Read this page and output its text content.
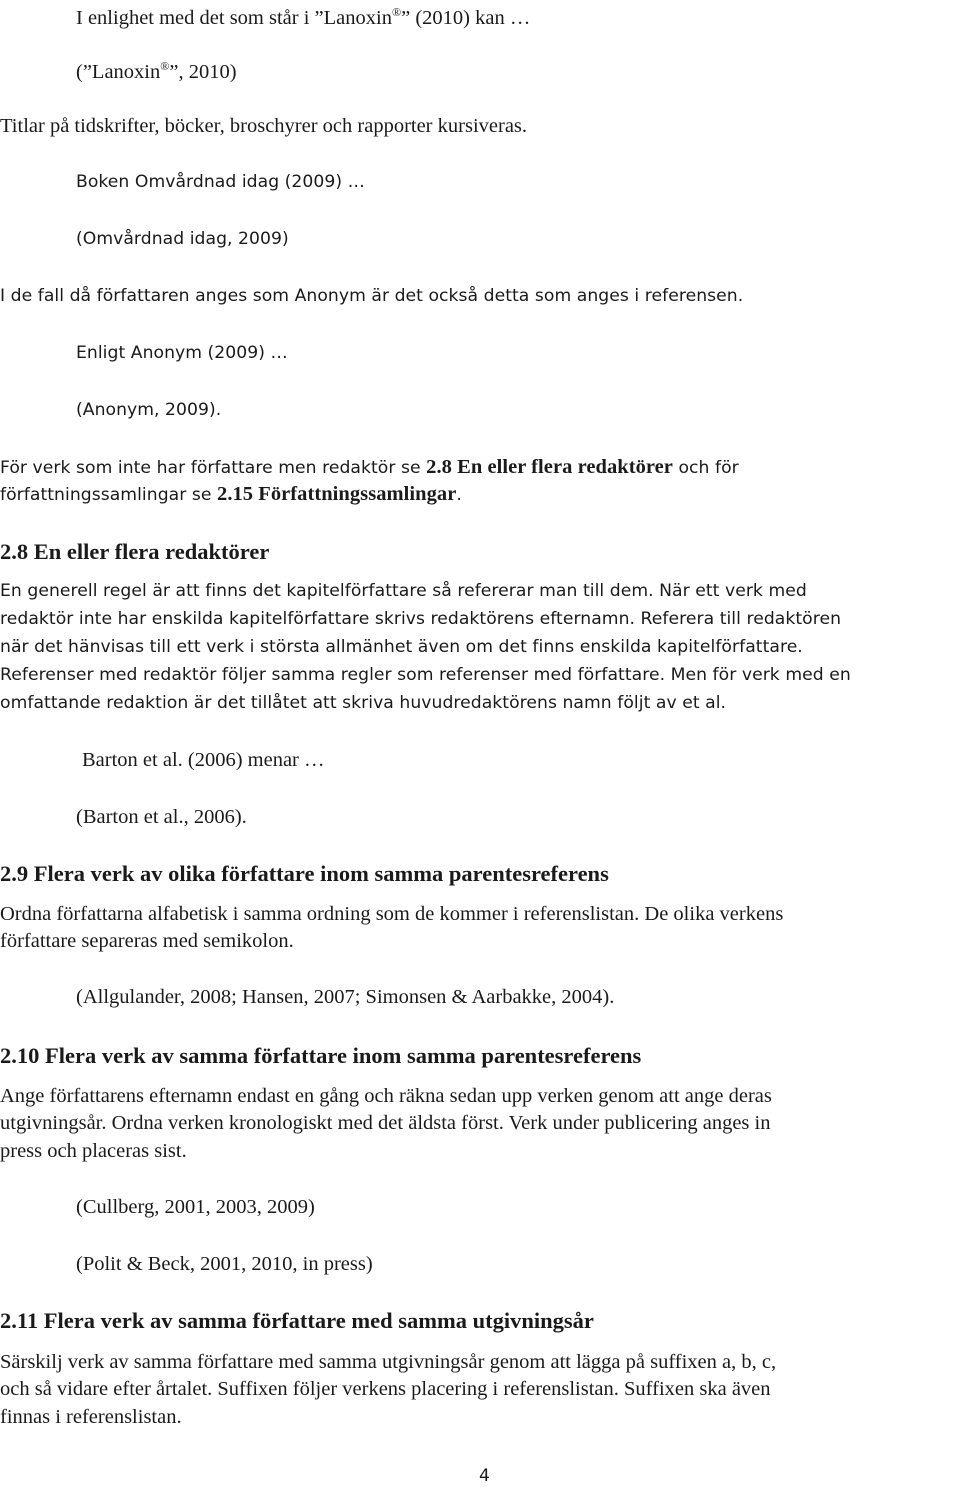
I enlighet med det som står i ”Lanoxin®” (2010) kan …

(”Lanoxin®”, 2010)

Titlar på tidskrifter, böcker, broschyrer och rapporter kursiveras.

Boken Omvårdnad idag (2009) …

(Omvårdnad idag, 2009)

I de fall då författaren anges som Anonym är det också detta som anges i referensen.

Enligt Anonym (2009) …

(Anonym, 2009).

För verk som inte har författare men redaktör se 2.8 En eller flera redaktörer och för

författningssamlingar se 2.15 Författningssamlingar.

2.8 En eller flera redaktörer

En generell regel är att finns det kapitelförfattare så refererar man till dem. När ett verk med

redaktör inte har enskilda kapitelförfattare skrivs redaktörens efternamn. Referera till redaktören

när det hänvisas till ett verk i största allmänhet även om det finns enskilda kapitelförfattare.

Referenser med redaktör följer samma regler som referenser med författare. Men för verk med en

omfattande redaktion är det tillåtet att skriva huvudredaktörens namn följt av et al.

Barton et al. (2006) menar …

(Barton et al., 2006).

2.9 Flera verk av olika författare inom samma parentesreferens

Ordna författarna alfabetisk i samma ordning som de kommer i referenslistan. De olika verkens

författare separeras med semikolon.

(Allgulander, 2008; Hansen, 2007; Simonsen & Aarbakke, 2004).

2.10 Flera verk av samma författare inom samma parentesreferens

Ange författarens efternamn endast en gång och räkna sedan upp verken genom att ange deras

utgivningsår. Ordna verken kronologiskt med det äldsta först. Verk under publicering anges in

press och placeras sist.

(Cullberg, 2001, 2003, 2009)

(Polit & Beck, 2001, 2010, in press)

2.11 Flera verk av samma författare med samma utgivningsår

Särskilj verk av samma författare med samma utgivningsår genom att lägga på suffixen a, b, c,

och så vidare efter årtalet. Suffixen följer verkens placering i referenslistan. Suffixen ska även

finnas i referenslistan.

4
